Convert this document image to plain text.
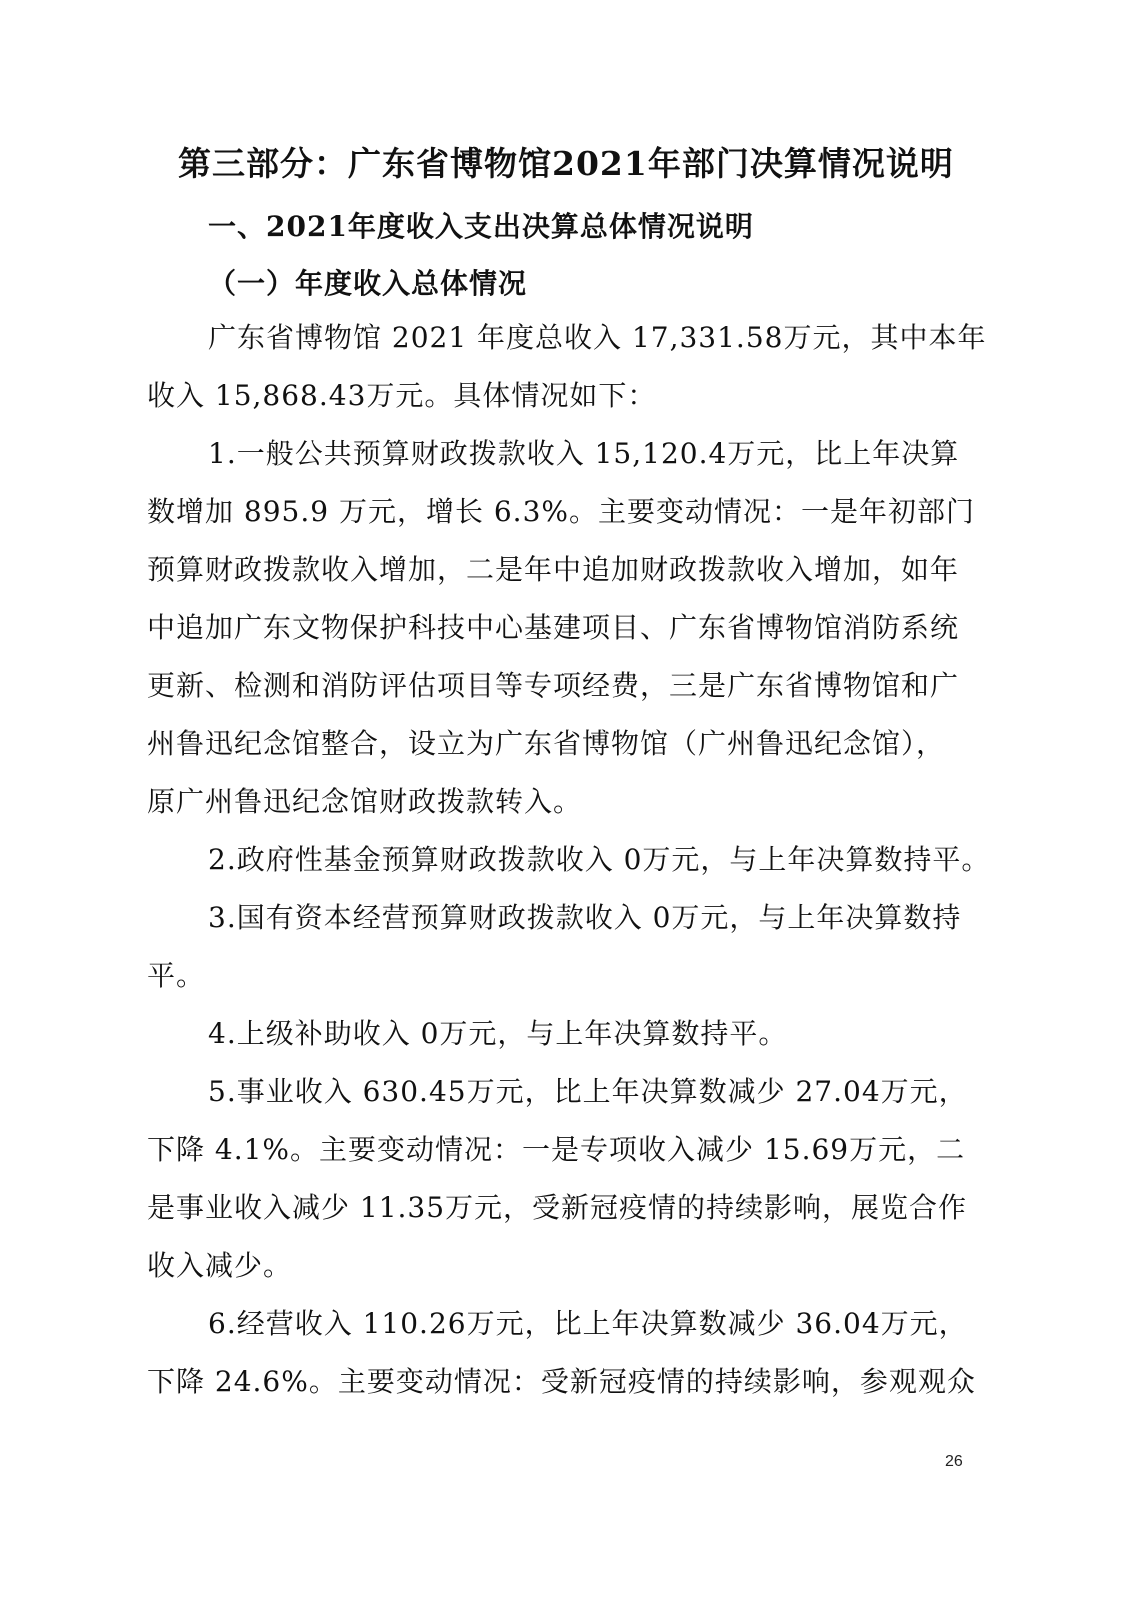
第三部分：广东省博物馆2021年部门决算情况说明
一、2021年度收入支出决算总体情况说明
（一）年度收入总体情况
广东省博物馆 2021 年度总收入 17,331.58万元，其中本年
收入 15,868.43万元。具体情况如下：
1.一般公共预算财政拨款收入 15,120.4万元，比上年决算
数增加 895.9 万元，增长 6.3%。主要变动情况：一是年初部门
预算财政拨款收入增加，二是年中追加财政拨款收入增加，如年
中追加广东文物保护科技中心基建项目、广东省博物馆消防系统
更新、检测和消防评估项目等专项经费，三是广东省博物馆和广
州鲁迅纪念馆整合，设立为广东省博物馆（广州鲁迅纪念馆），
原广州鲁迅纪念馆财政拨款转入。
2.政府性基金预算财政拨款收入 0万元，与上年决算数持平。
3.国有资本经营预算财政拨款收入 0万元，与上年决算数持
平。
4.上级补助收入 0万元，与上年决算数持平。
5.事业收入 630.45万元，比上年决算数减少 27.04万元，
下降 4.1%。主要变动情况：一是专项收入减少 15.69万元，二
是事业收入减少 11.35万元，受新冠疫情的持续影响，展览合作
收入减少。
6.经营收入 110.26万元，比上年决算数减少 36.04万元，
下降 24.6%。主要变动情况：受新冠疫情的持续影响，参观观众
26
